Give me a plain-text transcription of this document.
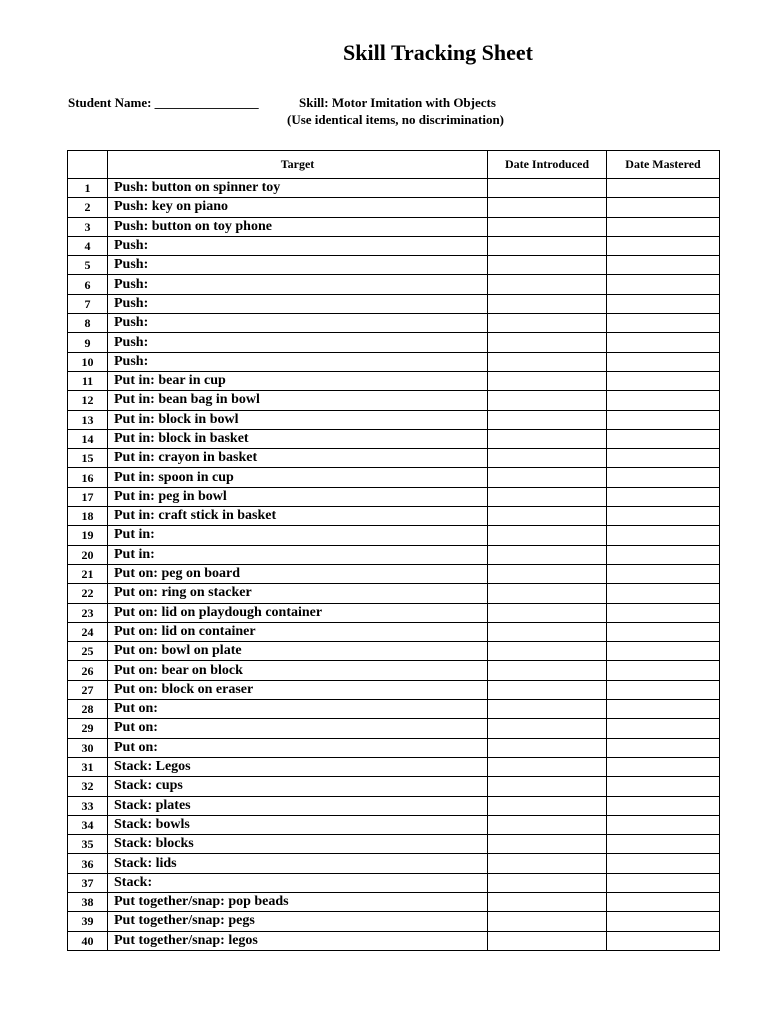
Skill Tracking Sheet
Student Name: ________________	Skill: Motor Imitation with Objects
(Use identical items, no discrimination)
	Target	Date Introduced	Date Mastered
1	Push: button on spinner toy		
2	Push: key on piano		
3	Push: button on toy phone		
4	Push:		
5	Push:		
6	Push:		
7	Push:		
8	Push:		
9	Push:		
10	Push:		
11	Put in: bear in cup		
12	Put in: bean bag in bowl		
13	Put in: block in bowl		
14	Put in: block in basket		
15	Put in: crayon in basket		
16	Put in: spoon in cup		
17	Put in: peg in bowl		
18	Put in: craft stick in basket		
19	Put in:		
20	Put in:		
21	Put on: peg on board		
22	Put on: ring on stacker		
23	Put on: lid on playdough container		
24	Put on: lid on container		
25	Put on: bowl on plate		
26	Put on: bear on block		
27	Put on: block on eraser		
28	Put on:		
29	Put on:		
30	Put on:		
31	Stack: Legos		
32	Stack: cups		
33	Stack: plates		
34	Stack: bowls		
35	Stack: blocks		
36	Stack: lids		
37	Stack:		
38	Put together/snap: pop beads		
39	Put together/snap: pegs		
40	Put together/snap: legos		
